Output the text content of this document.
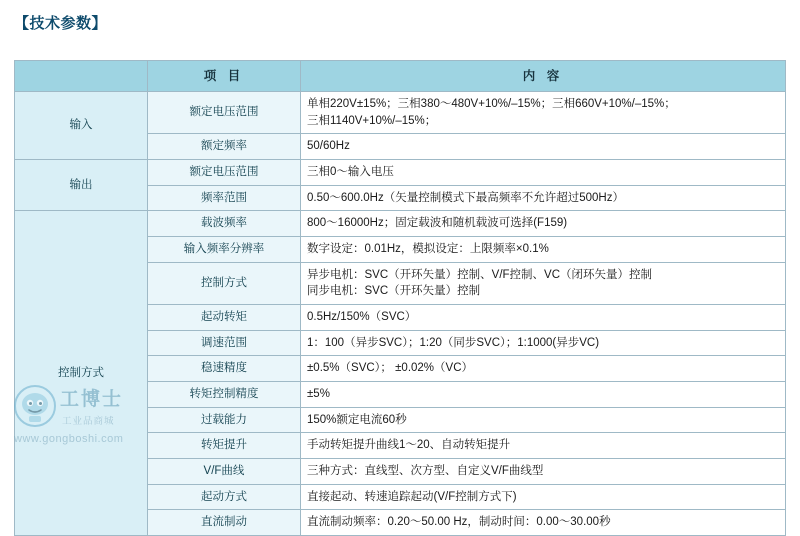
【技术参数】
	项 目	内 容
输入	额定电压范围	单相220V±15%；三相380～480V+10%/–15%；三相660V+10%/–15%；
三相1140V+10%/–15%；

	额定频率	50/60Hz

输出	额定电压范围	三相0～输入电压

	频率范围	0.50～600.0Hz（矢量控制模式下最高频率不允许超过500Hz）

控制方式	载波频率	800～16000Hz；固定载波和随机载波可选择(F159)

	输入频率分辨率	数字设定：0.01Hz，模拟设定：上限频率×0.1%

	控制方式	异步电机：SVC（开环矢量）控制、V/F控制、VC（闭环矢量）控制
同步电机：SVC（开环矢量）控制

	起动转矩	0.5Hz/150%（SVC）

	调速范围	1：100（异步SVC）；1:20（同步SVC）；1:1000(异步VC)

	稳速精度	±0.5%（SVC）； ±0.02%（VC）

	转矩控制精度	±5%

	过载能力	150%额定电流60秒

	转矩提升	手动转矩提升曲线1～20、自动转矩提升

	V/F曲线	三种方式：直线型、次方型、自定义V/F曲线型

	起动方式	直接起动、转速追踪起动(V/F控制方式下)

	直流制动	直流制动频率：0.20～50.00 Hz，制动时间：0.00～30.00秒
工博士
工业品商城
www.gongboshi.com
